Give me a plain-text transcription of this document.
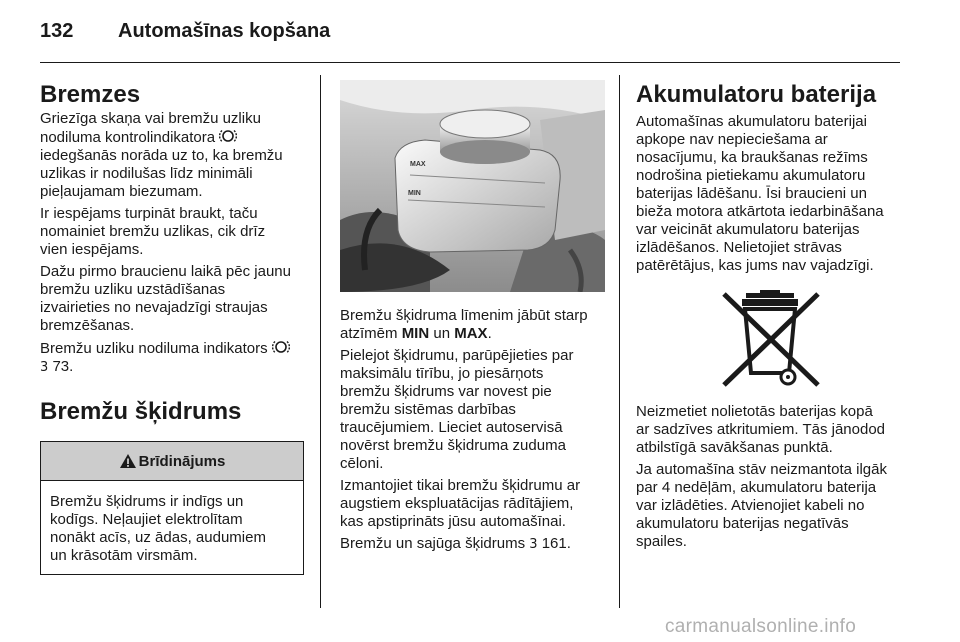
132 Automašīnas kopšana
Bremzes

Griezīga skaņa vai bremžu uzliku
nodiluma kontrolindikatora
iedegšanās norāda uz to, ka bremžu
uzlikas ir nodilušas līdz minimāli
pieļaujamam biezumam.

Ir iespējams turpināt braukt, taču
nomainiet bremžu uzlikas, cik drīz
vien iespējams.

Dažu pirmo braucienu laikā pēc jaunu
bremžu uzliku uzstādīšanas
izvairieties no nevajadzīgi straujas
bremzēšanas.

Bremžu uzliku nodiluma indikators
3 73.

Bremžu šķidrums
Brīdinājums
Bremžu šķidrums ir indīgs un
kodīgs. Neļaujiet elektrolītam
nonākt acīs, uz ādas, audumiem
un krāsotām virsmām.
MAX
MIN

Bremžu šķidruma līmenim jābūt starp
atzīmēm MIN un MAX.

Pielejot šķidrumu, parūpējieties par
maksimālu tīrību, jo piesārņots
bremžu šķidrums var novest pie
bremžu sistēmas darbības
traucējumiem. Lieciet autoservisā
novērst bremžu šķidruma zuduma
cēloni.

Izmantojiet tikai bremžu šķidrumu ar
augstiem ekspluatācijas rādītājiem,
kas apstiprināts jūsu automašīnai.

Bremžu un sajūga šķidrums 3 161.

Akumulatoru baterija

Automašīnas akumulatoru baterijai
apkope nav nepieciešama ar
nosacījumu, ka braukšanas režīms
nodrošina pietiekamu akumulatoru
baterijas lādēšanu. Īsi braucieni un
bieža motora atkārtota iedarbināšana
var veicināt akumulatoru baterijas
izlādēšanos. Nelietojiet strāvas
patērētājus, kas jums nav vajadzīgi.

Neizmetiet nolietotās baterijas kopā
ar sadzīves atkritumiem. Tās jānodod
atbilstīgā savākšanas punktā.

Ja automašīna stāv neizmantota ilgāk
par 4 nedēļām, akumulatoru baterija
var izlādēties. Atvienojiet kabeli no
akumulatoru baterijas negatīvās
spailes.

carmanualsonline.info
